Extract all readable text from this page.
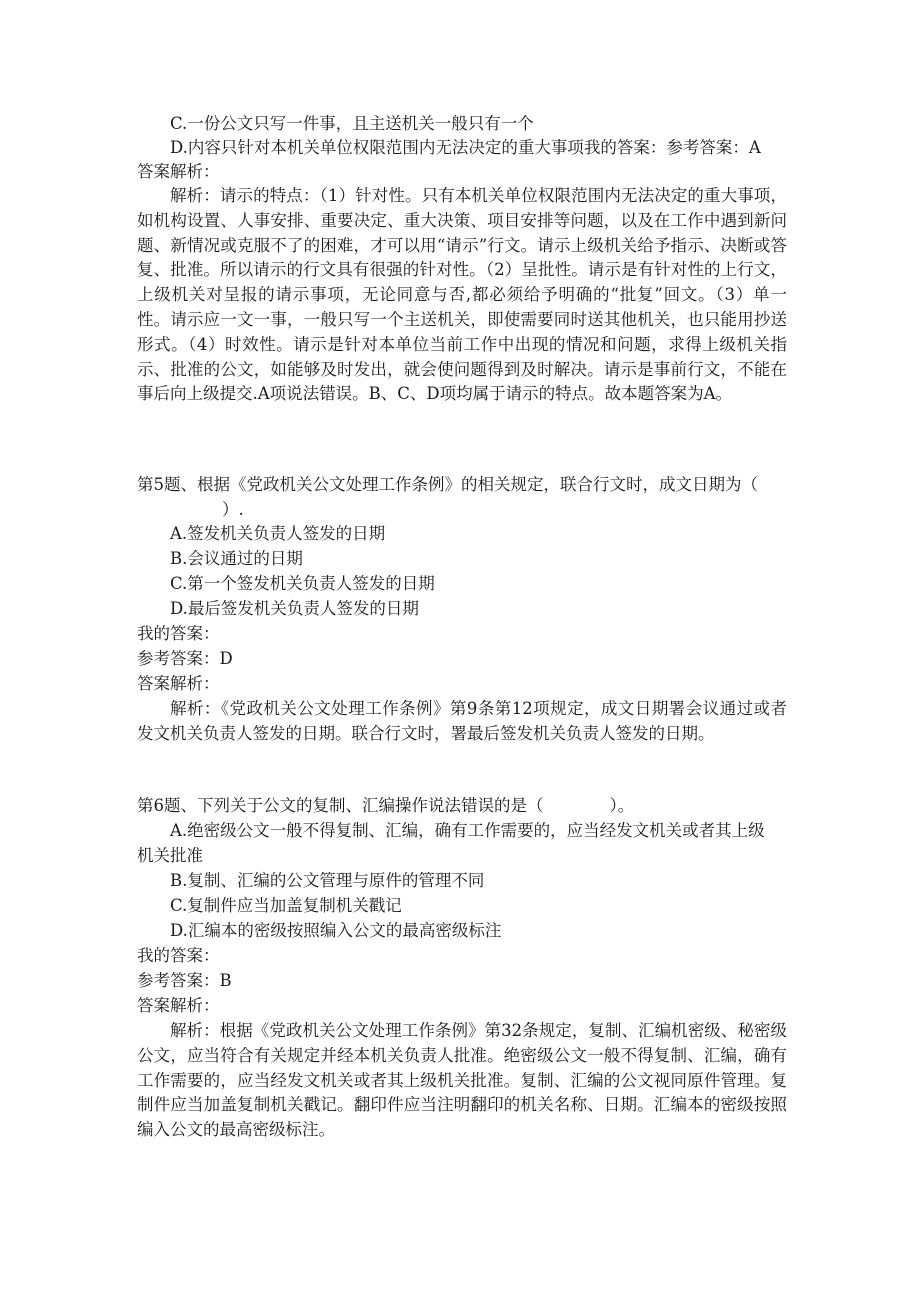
C.一份公文只写一件事，且主送机关一般只有一个
D.内容只针对本机关单位权限范围内无法决定的重大事项我的答案：参考答案：A
答案解析：
解析：请示的特点：（1）针对性。只有本机关单位权限范围内无法决定的重大事项，如机构设置、人事安排、重要决定、重大决策、项目安排等问题，以及在工作中遇到新问题、新情况或克服不了的困难，才可以用“请示”行文。请示上级机关给予指示、决断或答复、批准。所以请示的行文具有很强的针对性。（2）呈批性。请示是有针对性的上行文，上级机关对呈报的请示事项，无论同意与否,都必须给予明确的“批复”回文。（3）单一性。请示应一文一事，一般只写一个主送机关，即使需要同时送其他机关，也只能用抄送形式。（4）时效性。请示是针对本单位当前工作中出现的情况和问题，求得上级机关指示、批准的公文，如能够及时发出，就会使问题得到及时解决。请示是事前行文，不能在事后向上级提交.A项说法错误。B、C、D项均属于请示的特点。故本题答案为A。
第5题、根据《党政机关公文处理工作条例》的相关规定，联合行文时，成文日期为（
）.
A.签发机关负责人签发的日期
B.会议通过的日期
C.第一个签发机关负责人签发的日期
D.最后签发机关负责人签发的日期
我的答案：
参考答案：D
答案解析：
解析：《党政机关公文处理工作条例》第9条第12项规定，成文日期署会议通过或者发文机关负责人签发的日期。联合行文时，署最后签发机关负责人签发的日期。
第6题、下列关于公文的复制、汇编操作说法错误的是（　　　　）。
A.绝密级公文一般不得复制、汇编，确有工作需要的，应当经发文机关或者其上级
机关批准
B.复制、汇编的公文管理与原件的管理不同
C.复制件应当加盖复制机关戳记
D.汇编本的密级按照编入公文的最高密级标注
我的答案：
参考答案：B
答案解析：
解析：根据《党政机关公文处理工作条例》第32条规定，复制、汇编机密级、秘密级公文，应当符合有关规定并经本机关负责人批准。绝密级公文一般不得复制、汇编，确有工作需要的，应当经发文机关或者其上级机关批准。复制、汇编的公文视同原件管理。复制件应当加盖复制机关戳记。翻印件应当注明翻印的机关名称、日期。汇编本的密级按照编入公文的最高密级标注。
